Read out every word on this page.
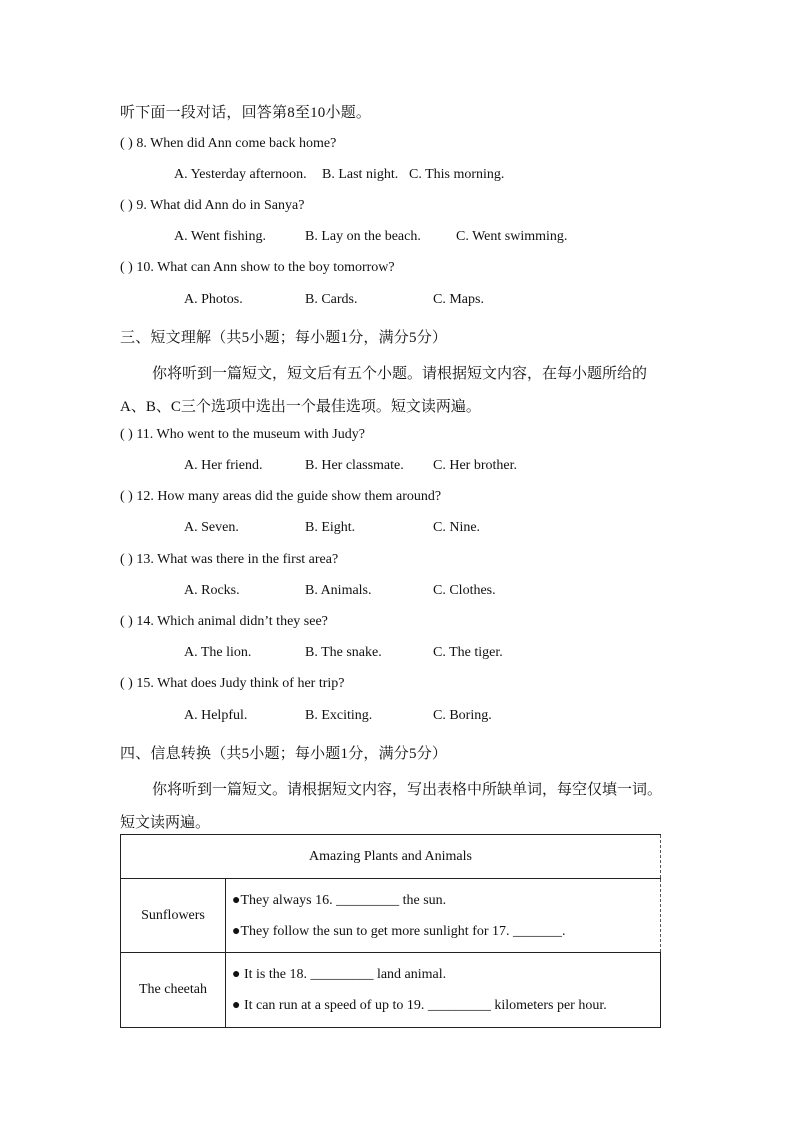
听下面一段对话，回答第8至10小题。
( ) 8. When did Ann come back home?
A. Yesterday afternoon. B. Last night. C. This morning.
( ) 9. What did Ann do in Sanya?
A. Went fishing.	B. Lay on the beach.	C. Went swimming.
( ) 10. What can Ann show to the boy tomorrow?
A. Photos.	B. Cards.	C. Maps.
三、短文理解（共5小题；每小题1分，满分5分）
你将听到一篇短文，短文后有五个小题。请根据短文内容，在每小题所给的
A、B、C三个选项中选出一个最佳选项。短文读两遍。
( ) 11. Who went to the museum with Judy?
A. Her friend.	B. Her classmate. C. Her brother.
( ) 12. How many areas did the guide show them around?
A. Seven.	B. Eight.	C. Nine.
( ) 13. What was there in the first area?
A. Rocks.	B. Animals.	C. Clothes.
( ) 14. Which animal didn’t they see?
A. The lion.	B. The snake.	C. The tiger.
( ) 15. What does Judy think of her trip?
A. Helpful.	B. Exciting.	C. Boring.
四、信息转换（共5小题；每小题1分，满分5分）
你将听到一篇短文。请根据短文内容，写出表格中所缺单词，每空仅填一词。
短文读两遍。
Amazing Plants and Animals	
Sunflowers	●They always 16. _________ the sun.
●They follow the sun to get more sunlight for 17. _______.

The cheetah	● It is the 18. _________ land animal.
● It can run at a speed of up to 19. _________ kilometers per hour.
